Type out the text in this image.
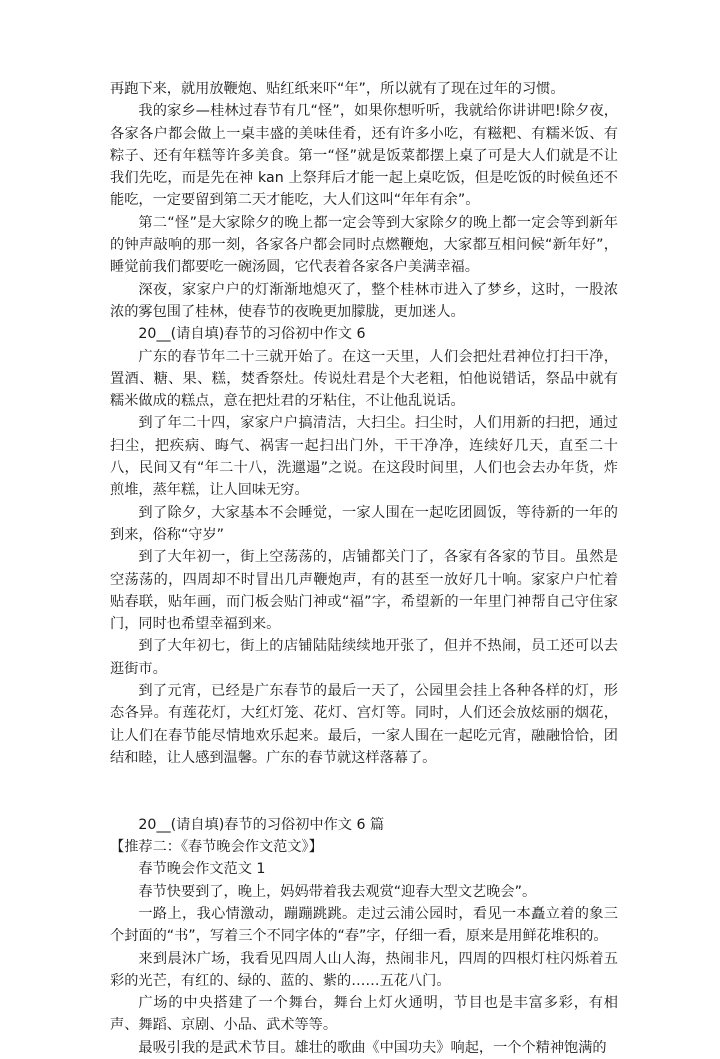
再跑下来，就用放鞭炮、贴红纸来吓“年”，所以就有了现在过年的习惯。

我的家乡—桂林过春节有几“怪”，如果你想听听，我就给你讲讲吧!除夕夜，各家各户都会做上一桌丰盛的美味佳肴，还有许多小吃，有糍粑、有糯米饭、有粽子、还有年糕等许多美食。第一“怪”就是饭菜都摆上桌了可是大人们就是不让我们先吃，而是先在神 kan 上祭拜后才能一起上桌吃饭，但是吃饭的时候鱼还不能吃，一定要留到第二天才能吃，大人们这叫“年年有余”。

第二“怪”是大家除夕的晚上都一定会等到大家除夕的晚上都一定会等到新年的钟声敲响的那一刻，各家各户都会同时点燃鞭炮，大家都互相问候“新年好”，睡觉前我们都要吃一碗汤圆，它代表着各家各户美满幸福。

深夜，家家户户的灯渐渐地熄灭了，整个桂林市进入了梦乡，这时，一股浓浓的雾包围了桂林，使春节的夜晚更加朦胧，更加迷人。

20__(请自填)春节的习俗初中作文 6

广东的春节年二十三就开始了。在这一天里，人们会把灶君神位打扫干净，置酒、糖、果、糕，焚香祭灶。传说灶君是个大老粗，怕他说错话，祭品中就有糯米做成的糕点，意在把灶君的牙粘住，不让他乱说话。

到了年二十四，家家户户搞清洁，大扫尘。扫尘时，人们用新的扫把，通过扫尘，把疾病、晦气、祸害一起扫出门外，干干净净，连续好几天，直至二十八，民间又有“年二十八，洗邋遢”之说。在这段时间里，人们也会去办年货，炸煎堆，蒸年糕，让人回味无穷。

到了除夕，大家基本不会睡觉，一家人围在一起吃团圆饭，等待新的一年的到来，俗称“守岁”

到了大年初一，街上空荡荡的，店铺都关门了，各家有各家的节目。虽然是空荡荡的，四周却不时冒出几声鞭炮声，有的甚至一放好几十响。家家户户忙着贴春联，贴年画，而门板会贴门神或“福”字，希望新的一年里门神帮自己守住家门，同时也希望幸福到来。

到了大年初七，街上的店铺陆陆续续地开张了，但并不热闹，员工还可以去逛街市。

到了元宵，已经是广东春节的最后一天了，公园里会挂上各种各样的灯，形态各异。有莲花灯，大红灯笼、花灯、宫灯等。同时，人们还会放炫丽的烟花，让人们在春节能尽情地欢乐起来。最后，一家人围在一起吃元宵，融融恰恰，团结和睦，让人感到温馨。广东的春节就这样落幕了。

20__(请自填)春节的习俗初中作文 6 篇

【推荐二：《春节晚会作文范文》】

春节晚会作文范文 1

春节快要到了，晚上，妈妈带着我去观赏“迎春大型文艺晚会”。

一路上，我心情激动，蹦蹦跳跳。走过云浦公园时，看见一本矗立着的象三个封面的“书”，写着三个不同字体的“春”字，仔细一看，原来是用鲜花堆积的。

来到晨沐广场，我看见四周人山人海，热闹非凡，四周的四根灯柱闪烁着五彩的光芒，有红的、绿的、蓝的、紫的……五花八门。

广场的中央搭建了一个舞台，舞台上灯火通明，节目也是丰富多彩，有相声、舞蹈、京剧、小品、武术等等。

最吸引我的是武术节目。雄壮的歌曲《中国功夫》响起，一个个精神饱满的
